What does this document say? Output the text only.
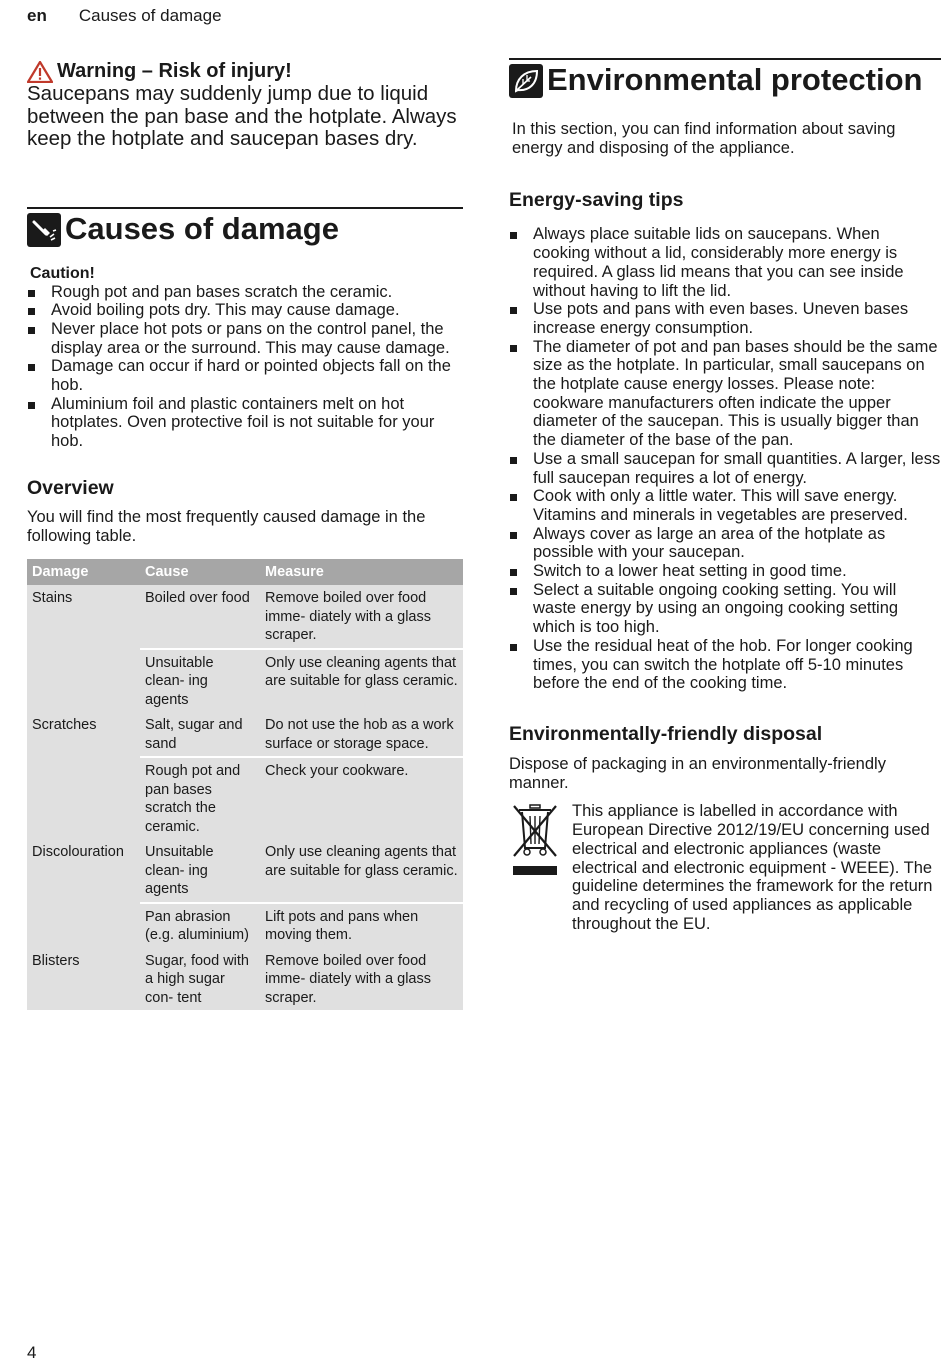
en Causes of damage
Warning – Risk of injury!
Saucepans may suddenly jump due to liquid between the pan base and the hotplate. Always keep the hotplate and saucepan bases dry.
Causes of damage
Caution!
Rough pot and pan bases scratch the ceramic.
Avoid boiling pots dry. This may cause damage.
Never place hot pots or pans on the control panel, the display area or the surround. This may cause damage.
Damage can occur if hard or pointed objects fall on the hob.
Aluminium foil and plastic containers melt on hot hotplates. Oven protective foil is not suitable for your hob.
Overview

You will find the most frequently caused damage in the following table.

Damage	Cause	Measure
Stains	Boiled over food	Remove boiled over food imme- diately with a glass scraper.
	Unsuitable clean- ing agents	Only use cleaning agents that are suitable for glass ceramic.
Scratches	Salt, sugar and sand	Do not use the hob as a work surface or storage space.
	Rough pot and pan bases scratch the ceramic.	Check your cookware.
Discolouration	Unsuitable clean- ing agents	Only use cleaning agents that are suitable for glass ceramic.
	Pan abrasion (e.g. aluminium)	Lift pots and pans when moving them.
Blisters	Sugar, food with a high sugar con- tent	Remove boiled over food imme- diately with a glass scraper.
Environmental protection

In this section, you can find information about saving energy and disposing of the appliance.

Energy-saving tips
Always place suitable lids on saucepans. When cooking without a lid, considerably more energy is required. A glass lid means that you can see inside without having to lift the lid.
Use pots and pans with even bases. Uneven bases increase energy consumption.
The diameter of pot and pan bases should be the same size as the hotplate. In particular, small saucepans on the hotplate cause energy losses. Please note: cookware manufacturers often indicate the upper diameter of the saucepan. This is usually bigger than the diameter of the base of the pan.
Use a small saucepan for small quantities. A larger, less full saucepan requires a lot of energy.
Cook with only a little water. This will save energy. Vitamins and minerals in vegetables are preserved.
Always cover as large an area of the hotplate as possible with your saucepan.
Switch to a lower heat setting in good time.
Select a suitable ongoing cooking setting. You will waste energy by using an ongoing cooking setting which is too high.
Use the residual heat of the hob. For longer cooking times, you can switch the hotplate off 5-10 minutes before the end of the cooking time.
Environmentally-friendly disposal

Dispose of packaging in an environmentally-friendly manner.

This appliance is labelled in accordance with European Directive 2012/19/EU concerning used electrical and electronic appliances (waste electrical and electronic equipment - WEEE). The guideline determines the framework for the return and recycling of used appliances as applicable throughout the EU.

4
